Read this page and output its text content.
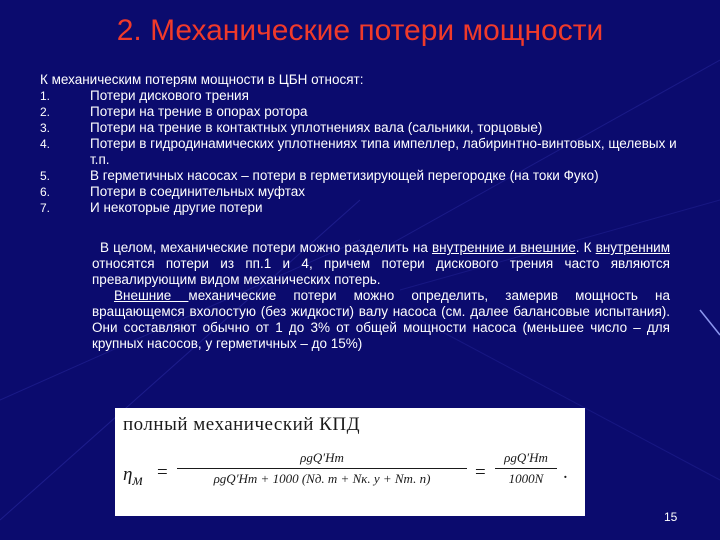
2. Механические потери мощности

К механическим потерям мощности в ЦБН относят:

1.	Потери дискового трения
2.	Потери на трение в опорах ротора
3.	Потери на трение в контактных уплотнениях вала (сальники, торцовые)
4.	Потери в гидродинамических уплотнениях типа импеллер, лабиринтно-винтовых, щелевых и т.п.
5.	В герметичных насосах – потери в герметизирующей перегородке (на токи Фуко)
6.	Потери в соединительных муфтах
7.	И некоторые другие потери

В целом, механические потери можно разделить на внутренние и внешние. К внутренним относятся потери из пп.1 и 4, причем потери дискового трения часто являются превалирующим видом механических потерь.

Внешние механические потери можно определить, замерив мощность на вращающемся вхолостую (без жидкости) валу насоса (см. далее балансовые испытания). Они составляют обычно от 1 до 3% от общей мощности насоса (меньшее число – для крупных насосов, у герметичных – до 15%)

полный механический КПД
$\eta_м$ =
ρgQ′Hт
ρgQ′Hт + 1000 (Nд. т + Nк. у + Nт. п)	=
ρgQ′Hт
1000N	.
15
